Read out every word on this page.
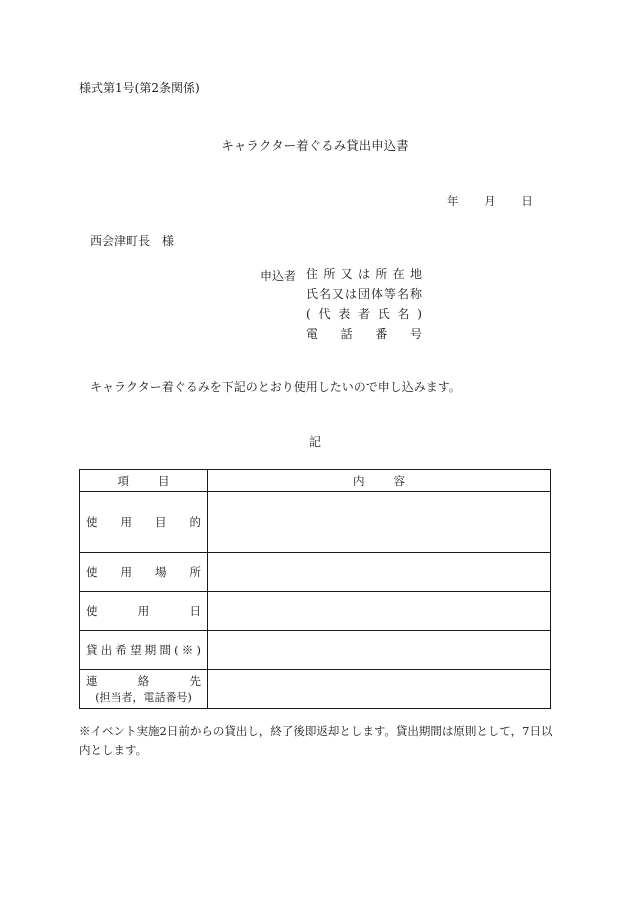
様式第1号(第2条関係)
キャラクター着ぐるみ貸出申込書
年 月 日
西会津町長　様
申込者 住所又は所在地
氏名又は団体等名称
(代表者氏名)
電話番号
キャラクター着ぐるみを下記のとおり使用したいので申し込みます。
記
項目	内容

使用目的	

使用場所	

使用日	

貸出希望期間(※)	

連絡先
(担当者，電話番号)	

※イベント実施2日前からの貸出し，終了後即返却とします。貸出期間は原則として，7日以内とします。
